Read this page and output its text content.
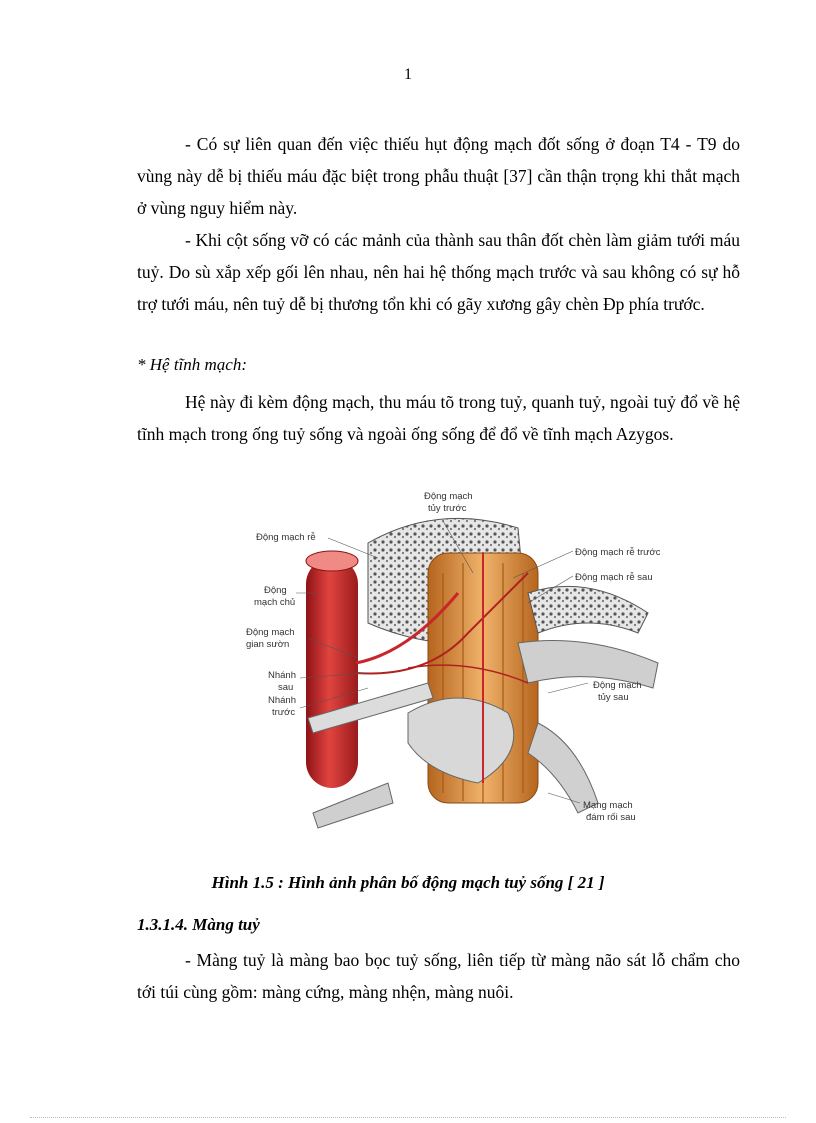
1

- Có sự liên quan đến việc thiếu hụt động mạch đốt sống ở đoạn T4 - T9 do vùng này dễ bị thiếu máu đặc biệt trong phẫu thuật [37] cần thận trọng khi thắt mạch ở vùng nguy hiểm này.

- Khi cột sống vỡ có các mảnh của thành sau thân đốt chèn làm giảm tưới máu tuỷ. Do sù xắp xếp gối lên nhau, nên hai hệ thống mạch trước và sau không có sự hỗ trợ tưới máu, nên tuỷ dễ bị thương tổn khi có gãy xương gây chèn Ðp phía trước.

* Hệ tĩnh mạch:

Hệ này đi kèm động mạch, thu máu tõ trong tuỷ, quanh tuỷ, ngoài tuỷ đổ về hệ tĩnh mạch trong ống tuỷ sống và ngoài ống sống để đổ về tĩnh mạch Azygos.

Động mạch
tủy trước
Động mạch rễ
Động mạch rễ trước
Động mạch rễ sau
Động
mạch chủ
Động mạch
gian sườn
Nhánh
sau
Nhánh
trước
Động mạch
tủy sau
Mạng mạch
đám rối sau
Hình 1.5 : Hình ảnh phân bố động mạch tuỷ sống [ 21 ]
1.3.1.4. Màng tuỷ

- Màng tuỷ là màng bao bọc tuỷ sống, liên tiếp từ màng não sát lỗ chẩm cho tới túi cùng gồm: màng cứng, màng nhện, màng nuôi.
